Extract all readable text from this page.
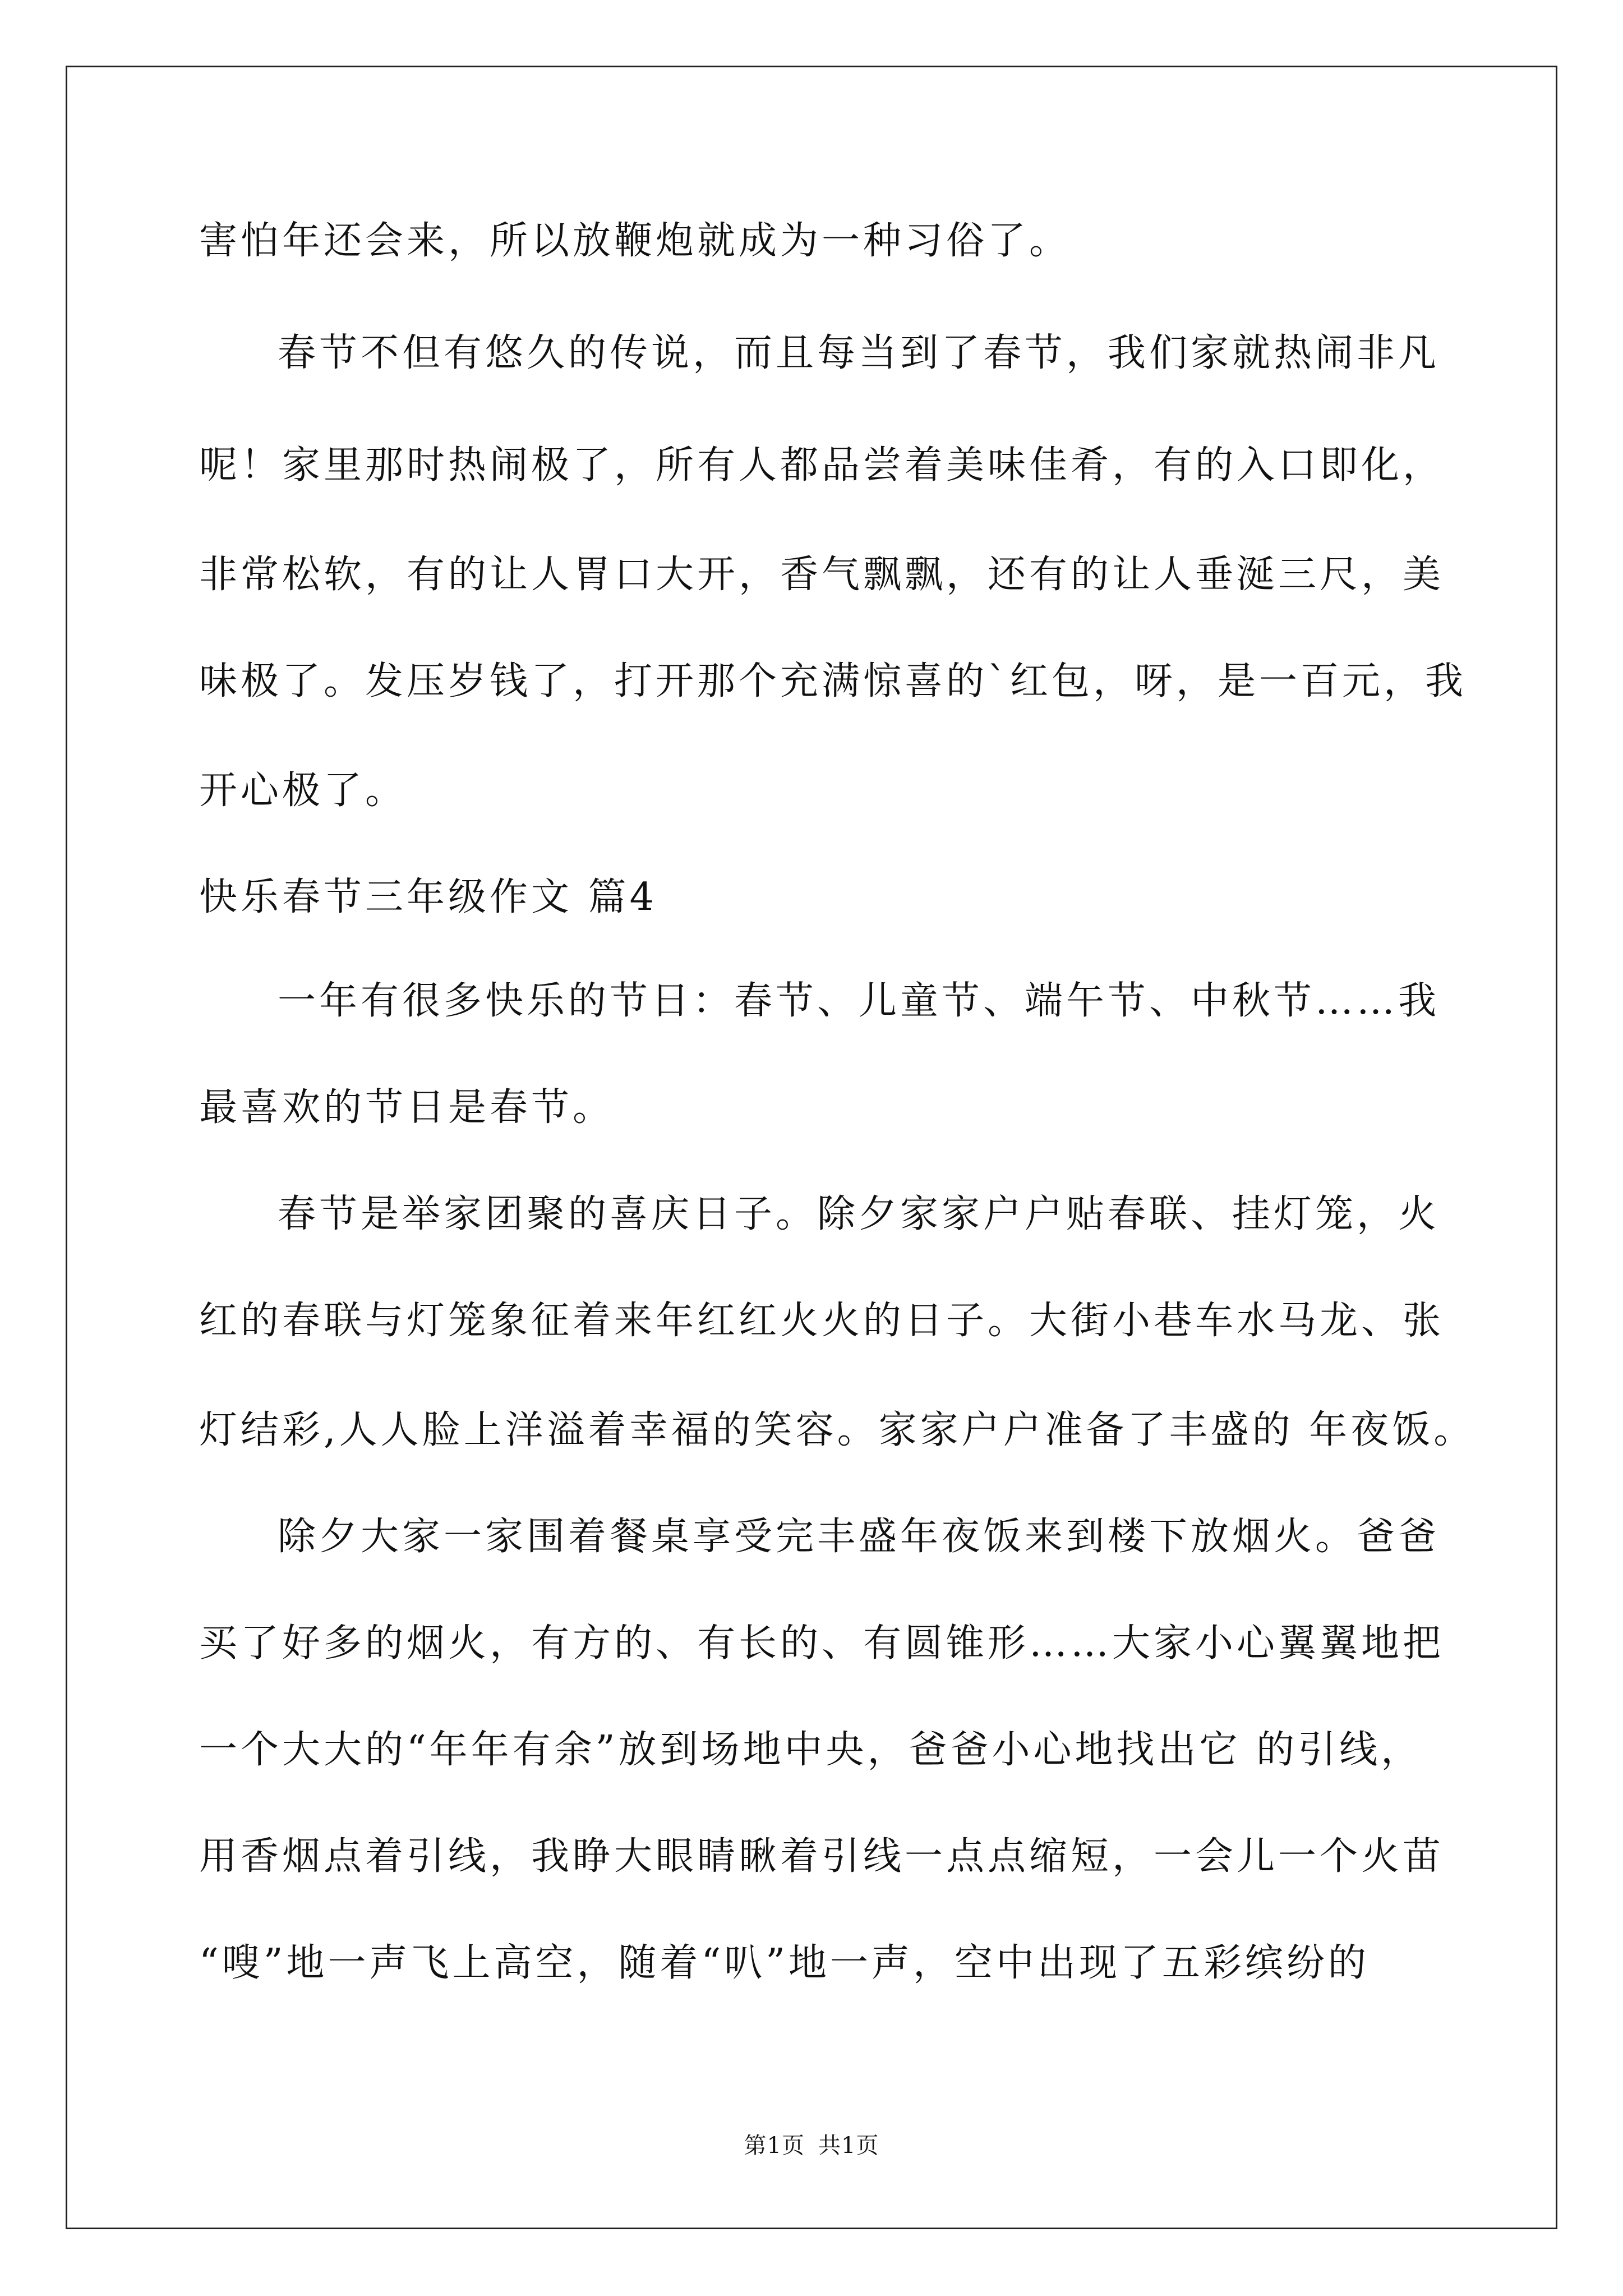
害怕年还会来，所以放鞭炮就成为一种习俗了。
春节不但有悠久的传说，而且每当到了春节，我们家就热闹非凡
呢！家里那时热闹极了，所有人都品尝着美味佳肴，有的入口即化，
非常松软，有的让人胃口大开，香气飘飘，还有的让人垂涎三尺，美
味极了。发压岁钱了，打开那个充满惊喜的`红包，呀，是一百元，我
开心极了。
快乐春节三年级作文 篇4
一年有很多快乐的节日：春节、儿童节、端午节、中秋节……我
最喜欢的节日是春节。
春节是举家团聚的喜庆日子。除夕家家户户贴春联、挂灯笼，火
红的春联与灯笼象征着来年红红火火的日子。大街小巷车水马龙、张
灯结彩,人人脸上洋溢着幸福的笑容。家家户户准备了丰盛的 年夜饭。
除夕大家一家围着餐桌享受完丰盛年夜饭来到楼下放烟火。爸爸
买了好多的烟火，有方的、有长的、有圆锥形……大家小心翼翼地把
一个大大的“年年有余”放到场地中央，爸爸小心地找出它 的引线，
用香烟点着引线，我睁大眼睛瞅着引线一点点缩短，一会儿一个火苗
“嗖”地一声飞上高空，随着“叭”地一声，空中出现了五彩缤纷的
第1页 共1页
